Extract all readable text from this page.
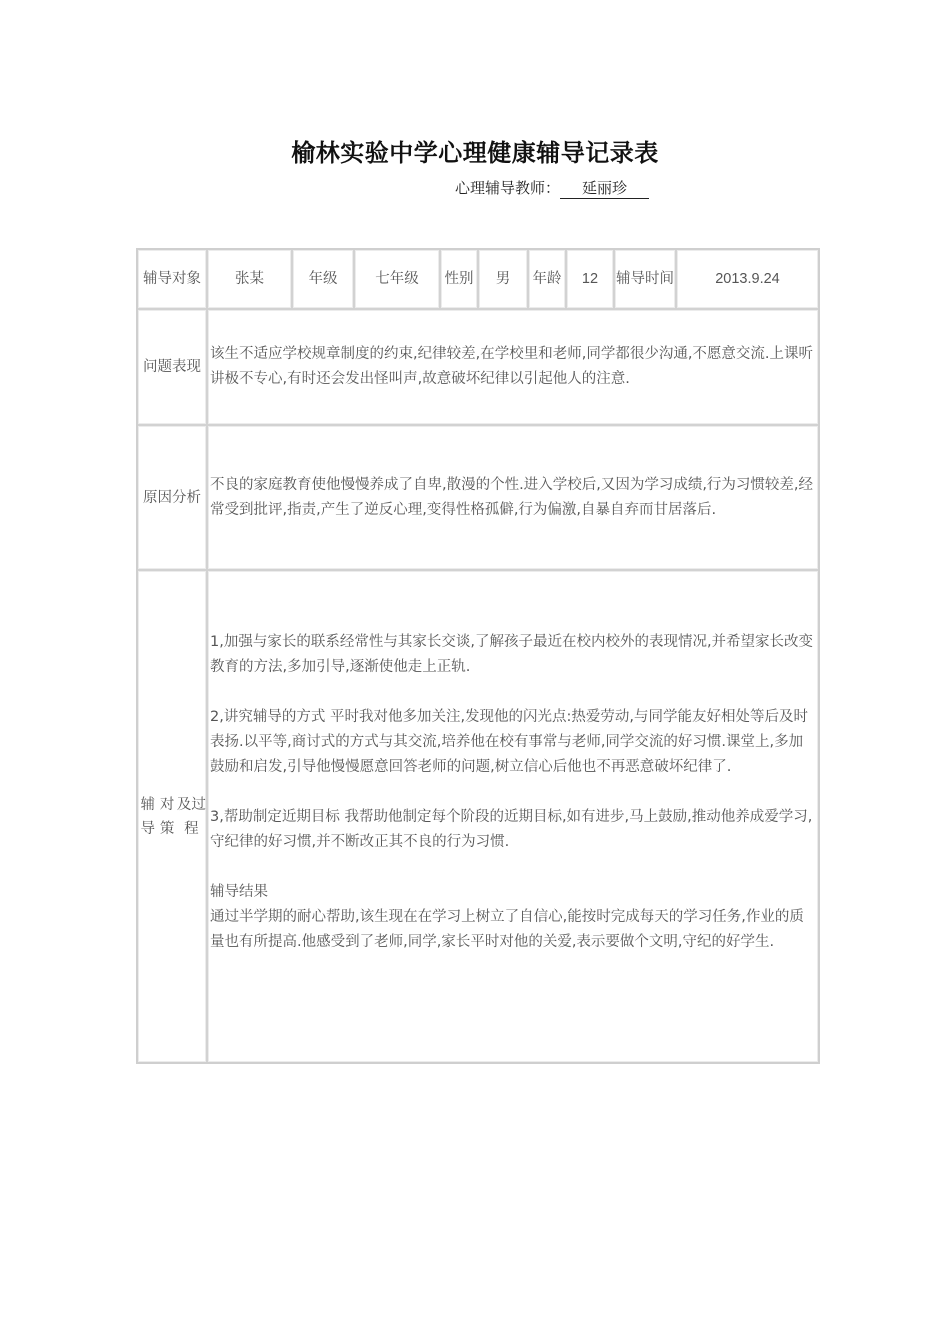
榆林实验中学心理健康辅导记录表
心理辅导教师： 延丽珍
辅导 对象	张某	年级	七年级	性别	男	年龄	12	辅导 时间	2013.9.24
问题 表现

该生不适应学校规章制度的约束,纪律较差,在学校里和老师,同学都很少沟通,不愿意交流.上课听讲极不专心,有时还会发出怪叫声,故意破坏纪律以引起他人的注意.

原因 分析

不良的家庭教育使他慢慢养成了自卑,散漫的个性.进入学校后,又因为学习成绩,行为习惯较差,经常受到批评,指责,产生了逆反心理,变得性格孤僻,行为偏激,自暴自弃而甘居落后.

辅导
对策
及过程

1,加强与家长的联系经常性与其家长交谈,了解孩子最近在校内校外的表现情况,并希望家长改变教育的方法,多加引导,逐渐使他走上正轨.

2,讲究辅导的方式 平时我对他多加关注,发现他的闪光点:热爱劳动,与同学能友好相处等后及时表扬.以平等,商讨式的方式与其交流,培养他在校有事常与老师,同学交流的好习惯.课堂上,多加鼓励和启发,引导他慢慢愿意回答老师的问题,树立信心后他也不再恶意破坏纪律了.

3,帮助制定近期目标 我帮助他制定每个阶段的近期目标,如有进步,马上鼓励,推动他养成爱学习,守纪律的好习惯,并不断改正其不良的行为习惯.

辅导结果

通过半学期的耐心帮助,该生现在在学习上树立了自信心,能按时完成每天的学习任务,作业的质量也有所提高.他感受到了老师,同学,家长平时对他的关爱,表示要做个文明,守纪的好学生.
